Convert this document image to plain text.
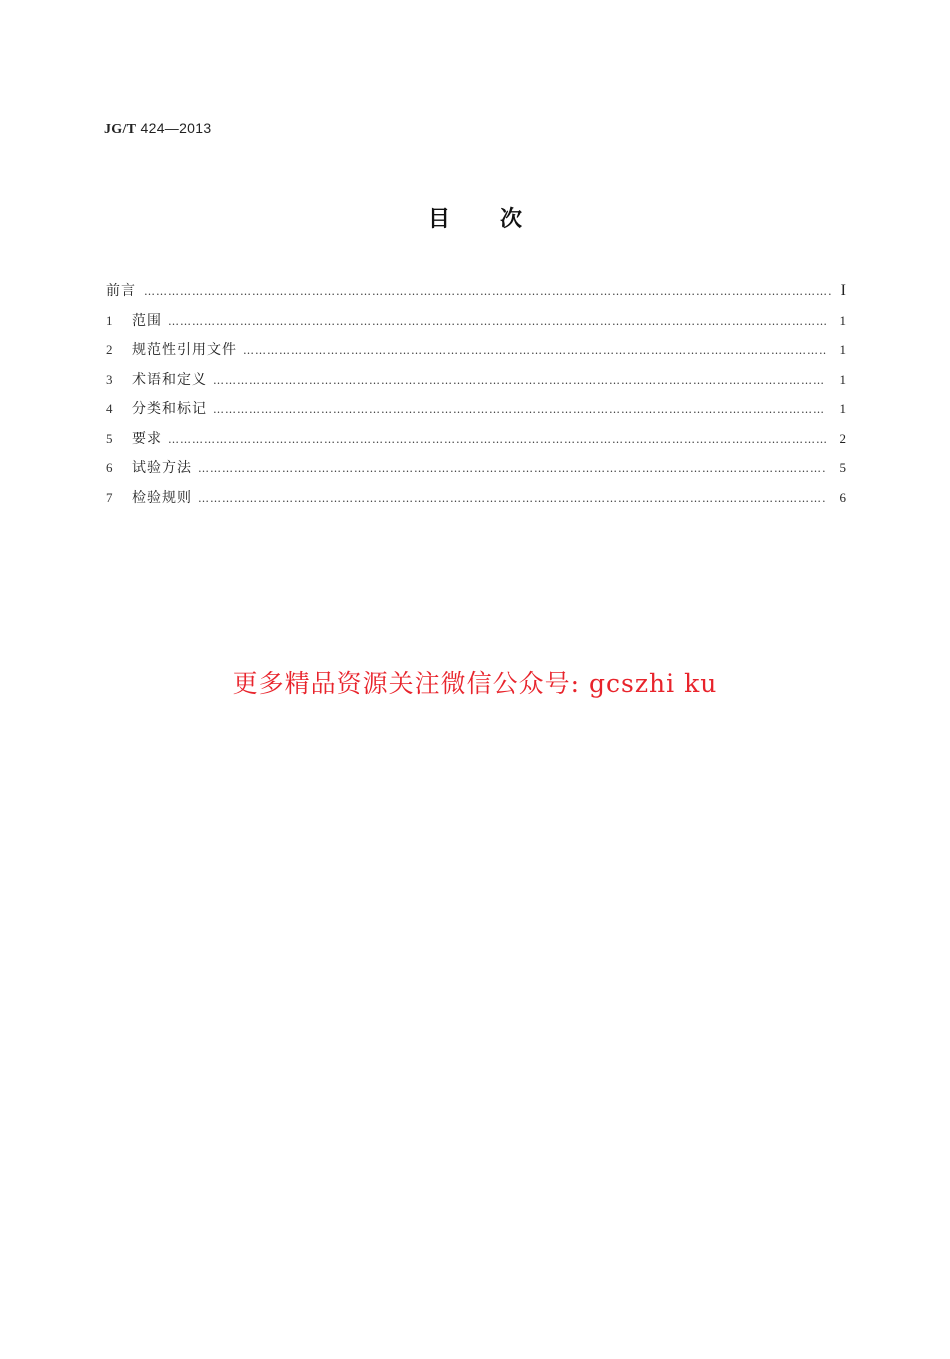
JG/T 424—2013
目次
前言 ……………………………………………………………………………………………………………………………………………………………………………………………………………………………………	I
1	范围 ……………………………………………………………………………………………………………………………………………………………………………………………………………………………………	1
2	规范性引用文件 ……………………………………………………………………………………………………………………………………………………………………………………………………………………………………	1
3	术语和定义 ……………………………………………………………………………………………………………………………………………………………………………………………………………………………………	1
4	分类和标记 ……………………………………………………………………………………………………………………………………………………………………………………………………………………………………	1
5	要求 ……………………………………………………………………………………………………………………………………………………………………………………………………………………………………	2
6	试验方法 ……………………………………………………………………………………………………………………………………………………………………………………………………………………………………	5
7	检验规则 ……………………………………………………………………………………………………………………………………………………………………………………………………………………………………	6
更多精品资源关注微信公众号: gcszhi ku
